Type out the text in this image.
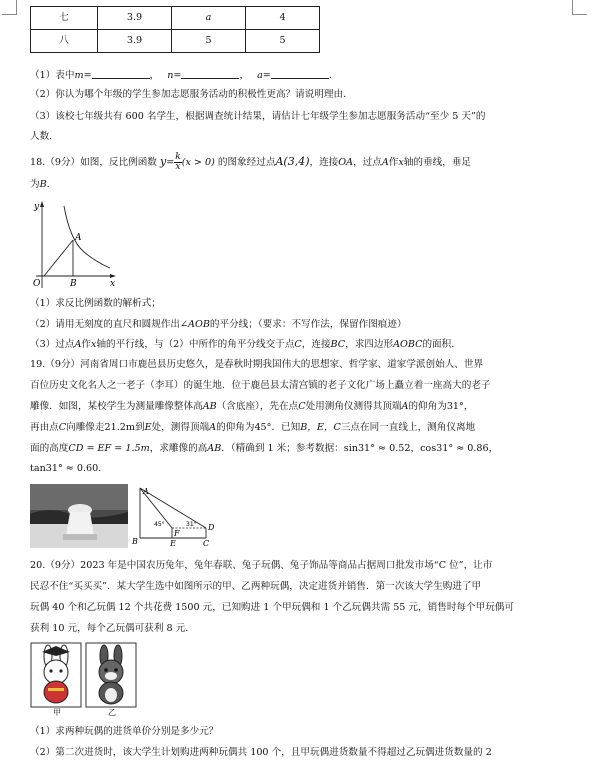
七	3.9	a	4
八	3.9	5	5
（1）表中m=	， n=	， a=	.
（2）你认为哪个年级的学生参加志愿服务活动的积极性更高？请说明理由.
（3）该校七年级共有 600 名学生，根据调查统计结果，请估计七年级学生参加志愿服务活动“至少 5 天”的
人数.
18.（9分）如图，反比例函数 $y= \frac{k}{x} (x > 0)$ 的图象经过点A(3,4)，连接OA，过点A作x轴的垂线，垂足
为B.
y
A
O	B	x
（1）求反比例函数的解析式；
（2）请用无刻度的直尺和圆规作出∠AOB的平分线；（要求：不写作法，保留作图痕迹）
（3）过点A作x轴的平行线，与（2）中所作的角平分线交于点C，连接BC，求四边形AOBC的面积.
19.（9分）河南省周口市鹿邑县历史悠久，是春秋时期我国伟大的思想家、哲学家、道家学派创始人、世界
百位历史文化名人之一老子（李耳）的诞生地．位于鹿邑县太清宫镇的老子文化广场上矗立着一座高大的老子
雕像．如图，某校学生为测量雕像整体高AB（含底座），先在点C处用测角仪测得其顶端A的仰角为31°，
再由点C向雕像走21.2m到E处，测得顶端A的仰角为45°．已知B，E，C三点在同一直线上，测角仪离地
面的高度CD = EF = 1.5m，求雕像的高AB．（精确到 1 米；参考数据：sin31° ≈ 0.52，cos31° ≈ 0.86，
tan31° ≈ 0.60.
A
B	C
D
E
F
45°	31°
20.（9分）2023 年是中国农历兔年，兔年春联、兔子玩偶、兔子饰品等商品占据周口批发市场“C 位”，让市
民忍不住“买买买”．某大学生选中如图所示的甲、乙两种玩偶，决定进货并销售．第一次该大学生购进了甲
玩偶 40 个和乙玩偶 12 个共花费 1500 元，已知购进 1 个甲玩偶和 1 个乙玩偶共需 55 元，销售时每个甲玩偶可
获利 10 元，每个乙玩偶可获利 8 元.
甲	乙
（1）求两种玩偶的进货单价分别是多少元？
（2）第二次进货时，该大学生计划购进两种玩偶共 100 个，且甲玩偶进货数量不得超过乙玩偶进货数量的 2
